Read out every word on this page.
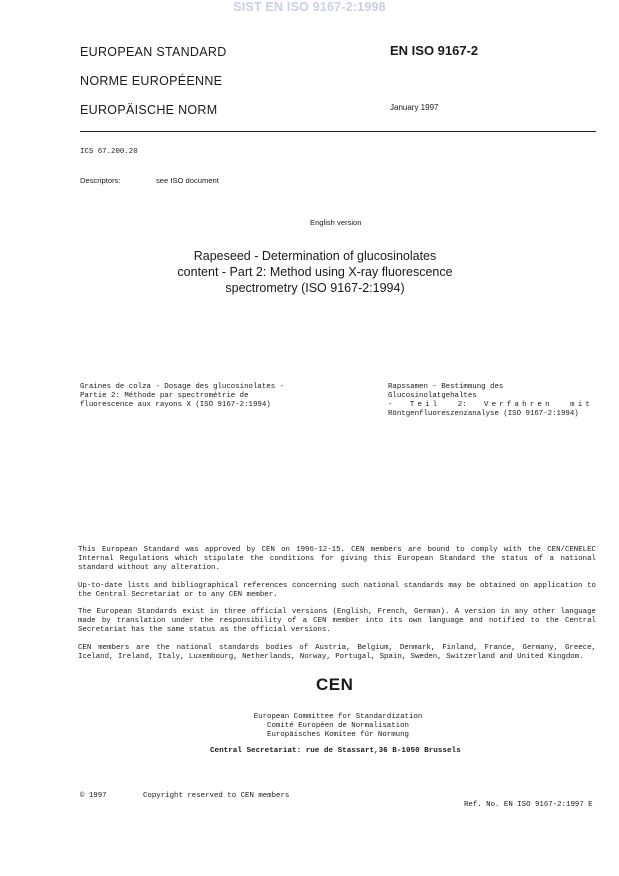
SIST EN ISO 9167-2:1998
EUROPEAN STANDARD
NORME EUROPÉENNE
EUROPÄISCHE NORM
EN ISO 9167-2
January 1997
ICS 67.200.20
Descriptors:	see ISO document
English version
Rapeseed - Determination of glucosinolates
content - Part 2: Method using X-ray fluorescence
spectrometry (ISO 9167-2:1994)
Graines de colza - Dosage des glucosinolates -
Partie 2: Méthode par spectrométrie de
fluorescence aux rayons X (ISO 9167-2:1994)
Rapssamen - Bestimmung des Glucosinolatgehaltes
- Teil 2: Verfahren mit
Röntgenfluoreszenzanalyse (ISO 9167-2:1994)
This European Standard was approved by CEN on 1996-12-15. CEN members are bound to comply with the CEN/CENELEC Internal Regulations which stipulate the conditions for giving this European Standard the status of a national standard without any alteration.
Up-to-date lists and bibliographical references concerning such national standards may be obtained on application to the Central Secretariat or to any CEN member.
The European Standards exist in three official versions (English, French, German). A version in any other language made by translation under the responsibility of a CEN member into its own language and notified to the Central Secretariat has the same status as the official versions.
CEN members are the national standards bodies of Austria, Belgium, Denmark, Finland, France, Germany, Greece, Iceland, Ireland, Italy, Luxembourg, Netherlands, Norway, Portugal, Spain, Sweden, Switzerland and United Kingdom.
CEN
European Committee for Standardization
Comité Européen de Normalisation
Europäisches Komitee für Normung
Central Secretariat: rue de Stassart,36 B-1050 Brussels
© 1997	Copyright reserved to CEN members
Ref. No. EN ISO 9167-2:1997 E
